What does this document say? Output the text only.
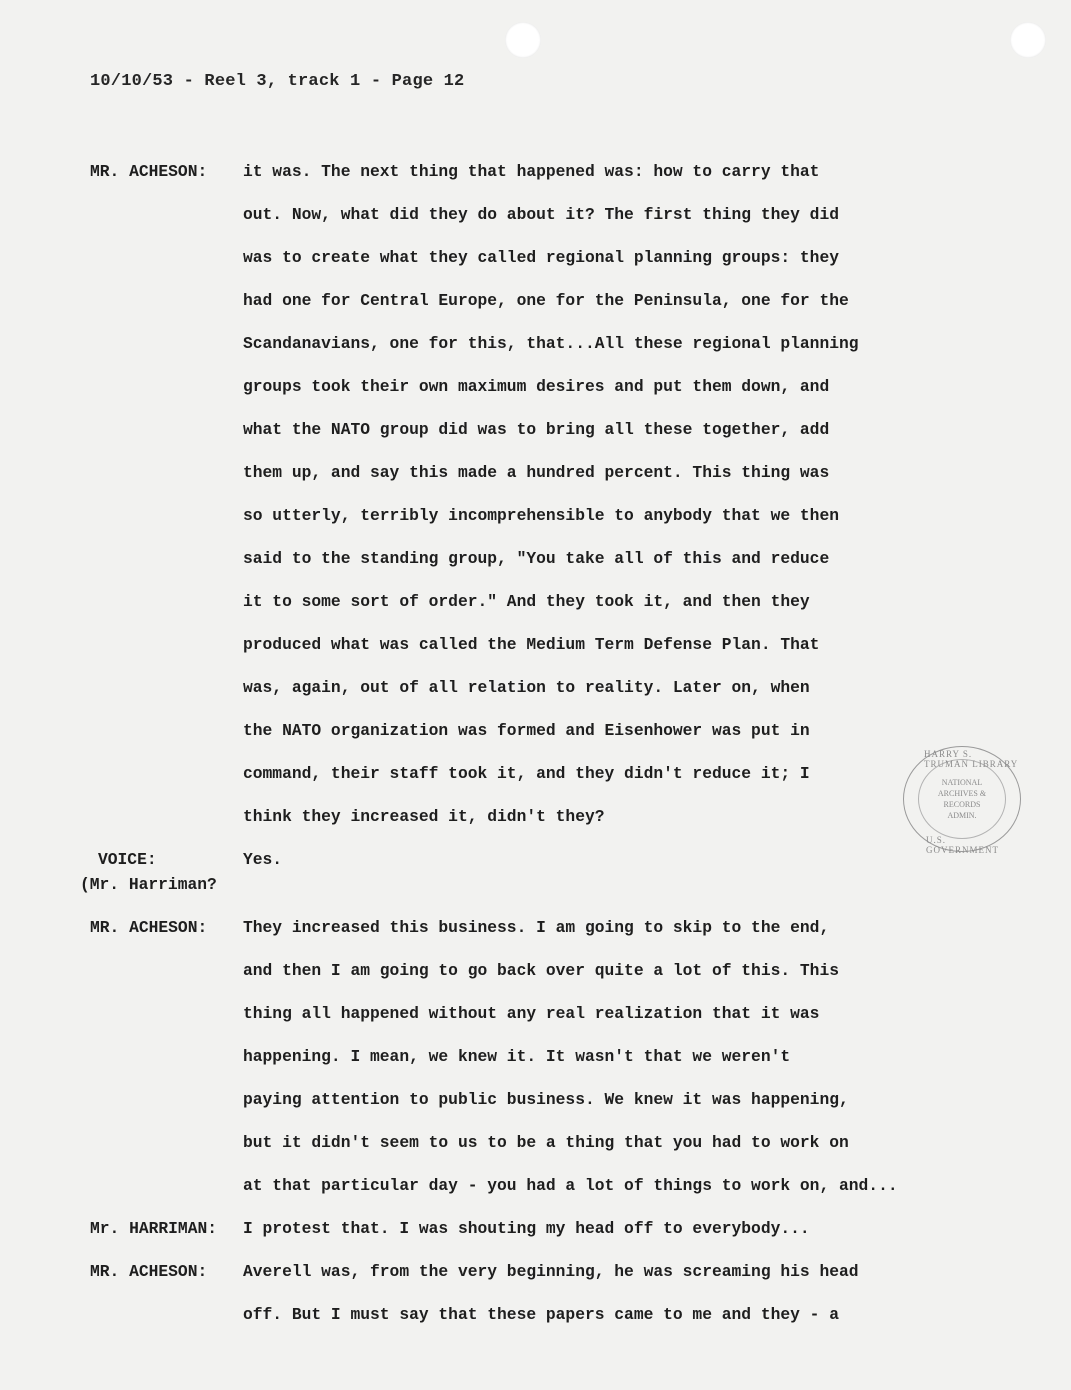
10/10/53 - Reel 3, track 1 - Page 12
MR. ACHESON:	it was. The next thing that happened was: how to carry that
out. Now, what did they do about it? The first thing they did
was to create what they called regional planning groups: they
had one for Central Europe, one for the Peninsula, one for the
Scandanavians, one for this, that...All these regional planning
groups took their own maximum desires and put them down, and
what the NATO group did was to bring all these together, add
them up, and say this made a hundred percent. This thing was
so utterly, terribly incomprehensible to anybody that we then
said to the standing group, "You take all of this and reduce
it to some sort of order." And they took it, and then they
produced what was called the Medium Term Defense Plan. That
was, again, out of all relation to reality. Later on, when
the NATO organization was formed and Eisenhower was put in
command, their staff took it, and they didn't reduce it; I
think they increased it, didn't they?
VOICE:	Yes.
(Mr. Harriman?
MR. ACHESON:	They increased this business. I am going to skip to the end,
and then I am going to go back over quite a lot of this. This
thing all happened without any real realization that it was
happening. I mean, we knew it. It wasn't that we weren't
paying attention to public business. We knew it was happening,
but it didn't seem to us to be a thing that you had to work on
at that particular day - you had a lot of things to work on, and...
Mr. HARRIMAN:	I protest that. I was shouting my head off to everybody...
MR. ACHESON:	Averell was, from the very beginning, he was screaming his head
off. But I must say that these papers came to me and they - a
HARRY S. TRUMAN LIBRARY
NATIONAL
ARCHIVES &
RECORDS
ADMIN.
U.S. GOVERNMENT
